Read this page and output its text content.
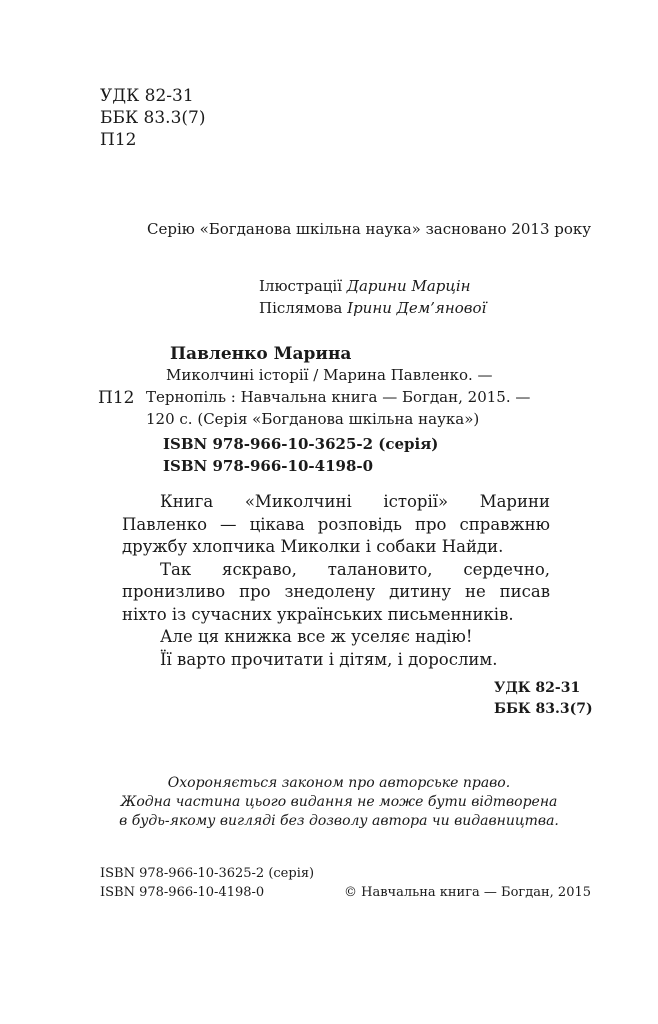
УДК 82-31
ББК 83.3(7)
П12
Серію «Богданова шкільна наука» засновано 2013 року
Ілюстрації Дарини Марцін
Післямова Ірини Дем’янової
Павленко Марина
Миколчині історії / Марина Павленко. —
П12 Тернопіль : Навчальна книга — Богдан, 2015. —
120 с. (Серія «Богданова шкільна наука»)
ISBN 978-966-10-3625-2 (серія)
ISBN 978-966-10-4198-0

Книга «Миколчині історії» Марини Павленко — цікава розповідь про справжню дружбу хлопчика Миколки і собаки Найди.

Так яскраво, талановито, сердечно, пронизливо про знедолену дитину не писав ніхто із сучасних українських письменників.

Але ця книжка все ж уселяє надію!

Її варто прочитати і дітям, і дорослим.

УДК 82-31
ББК 83.3(7)
Охороняється законом про авторське право.
Жодна частина цього видання не може бути відтворена
в будь-якому вигляді без дозволу автора чи видавництва.
ISBN 978-966-10-3625-2 (серія)
ISBN 978-966-10-4198-0	© Навчальна книга — Богдан, 2015
